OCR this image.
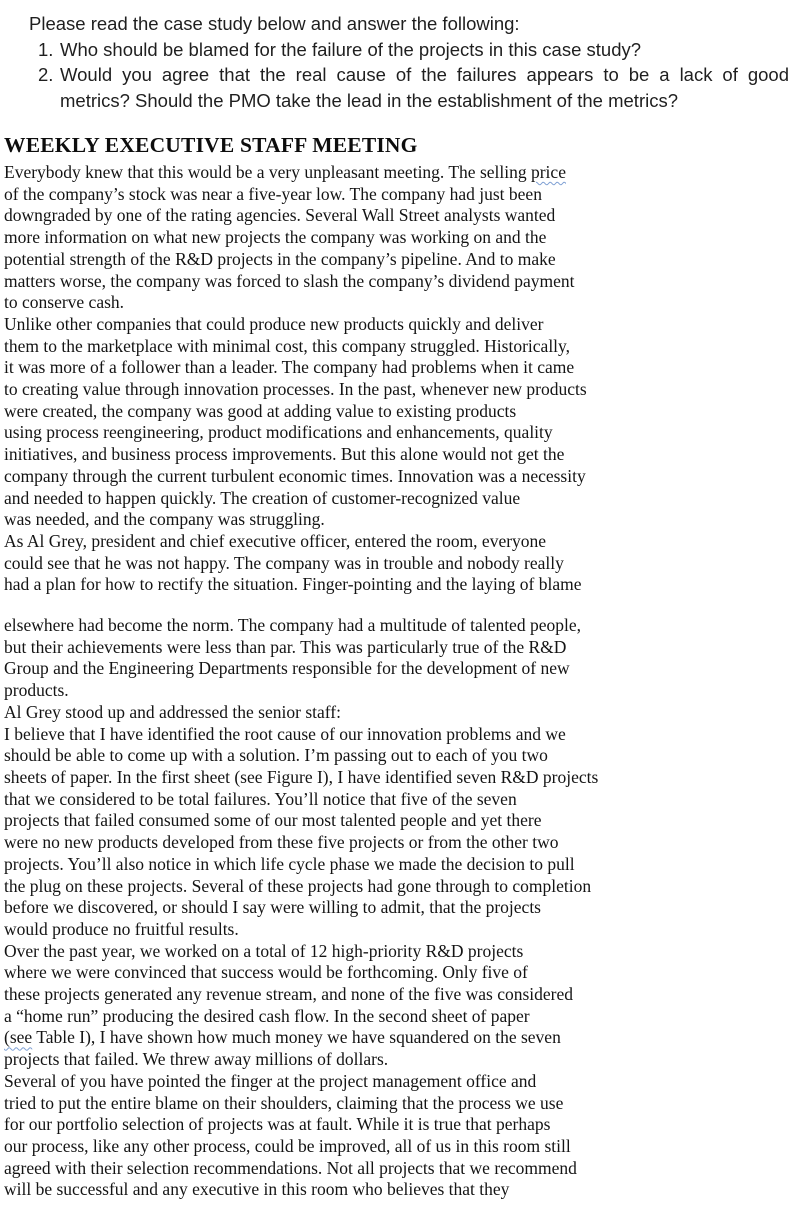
Please read the case study below and answer the following:
1. Who should be blamed for the failure of the projects in this case study?
2. Would you agree that the real cause of the failures appears to be a lack of good
metrics? Should the PMO take the lead in the establishment of the metrics?
WEEKLY EXECUTIVE STAFF MEETING
Everybody knew that this would be a very unpleasant meeting. The selling price
of the company’s stock was near a five-year low. The company had just been
downgraded by one of the rating agencies. Several Wall Street analysts wanted
more information on what new projects the company was working on and the
potential strength of the R&D projects in the company’s pipeline. And to make
matters worse, the company was forced to slash the company’s dividend payment
to conserve cash.
Unlike other companies that could produce new products quickly and deliver
them to the marketplace with minimal cost, this company struggled. Historically,
it was more of a follower than a leader. The company had problems when it came
to creating value through innovation processes. In the past, whenever new products
were created, the company was good at adding value to existing products
using process reengineering, product modifications and enhancements, quality
initiatives, and business process improvements. But this alone would not get the
company through the current turbulent economic times. Innovation was a necessity
and needed to happen quickly. The creation of customer-recognized value
was needed, and the company was struggling.
As Al Grey, president and chief executive officer, entered the room, everyone
could see that he was not happy. The company was in trouble and nobody really
had a plan for how to rectify the situation. Finger-pointing and the laying of blame
elsewhere had become the norm. The company had a multitude of talented people,
but their achievements were less than par. This was particularly true of the R&D
Group and the Engineering Departments responsible for the development of new
products.
Al Grey stood up and addressed the senior staff:
I believe that I have identified the root cause of our innovation problems and we
should be able to come up with a solution. I’m passing out to each of you two
sheets of paper. In the first sheet (see Figure I), I have identified seven R&D projects
that we considered to be total failures. You’ll notice that five of the seven
projects that failed consumed some of our most talented people and yet there
were no new products developed from these five projects or from the other two
projects. You’ll also notice in which life cycle phase we made the decision to pull
the plug on these projects. Several of these projects had gone through to completion
before we discovered, or should I say were willing to admit, that the projects
would produce no fruitful results.
Over the past year, we worked on a total of 12 high-priority R&D projects
where we were convinced that success would be forthcoming. Only five of
these projects generated any revenue stream, and none of the five was considered
a “home run” producing the desired cash flow. In the second sheet of paper
(see Table I), I have shown how much money we have squandered on the seven
projects that failed. We threw away millions of dollars.
Several of you have pointed the finger at the project management office and
tried to put the entire blame on their shoulders, claiming that the process we use
for our portfolio selection of projects was at fault. While it is true that perhaps
our process, like any other process, could be improved, all of us in this room still
agreed with their selection recommendations. Not all projects that we recommend
will be successful and any executive in this room who believes that they
